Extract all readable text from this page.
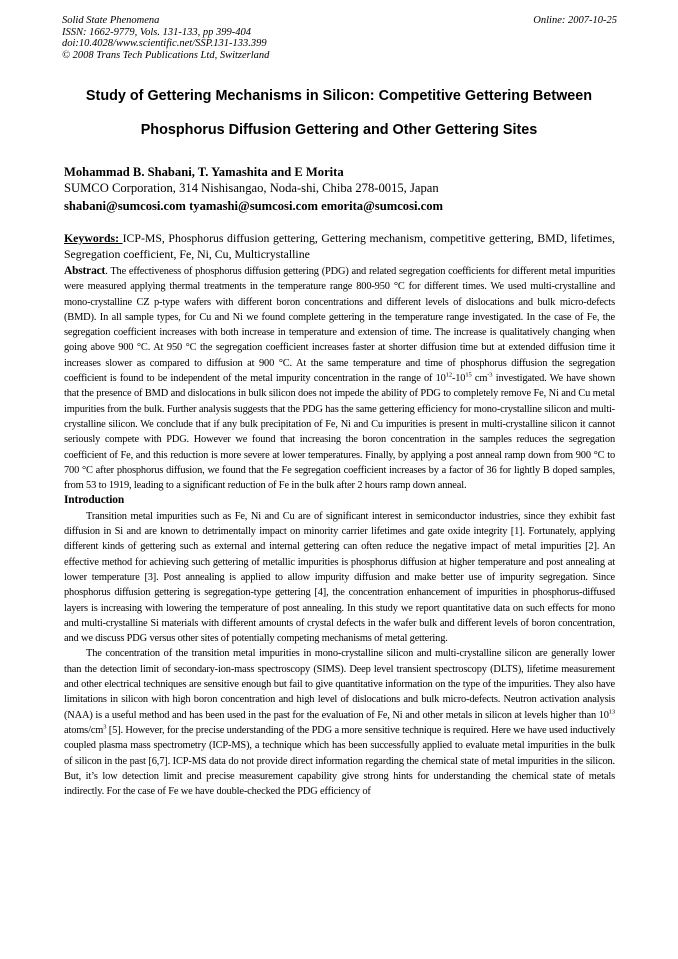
Solid State Phenomena
ISSN: 1662-9779, Vols. 131-133, pp 399-404
doi:10.4028/www.scientific.net/SSP.131-133.399
© 2008 Trans Tech Publications Ltd, Switzerland
Online: 2007-10-25
Study of Gettering Mechanisms in Silicon: Competitive Gettering Between
Phosphorus Diffusion Gettering and Other Gettering Sites
Mohammad B. Shabani, T. Yamashita and E Morita
SUMCO Corporation, 314 Nishisangao, Noda-shi, Chiba 278-0015, Japan
shabani@sumcosi.com tyamashi@sumcosi.com emorita@sumcosi.com
Keywords: ICP-MS, Phosphorus diffusion gettering, Gettering mechanism, competitive gettering, BMD, lifetimes, Segregation coefficient, Fe, Ni, Cu, Multicrystalline

Abstract. The effectiveness of phosphorus diffusion gettering (PDG) and related segregation coefficients for different metal impurities were measured applying thermal treatments in the temperature range 800-950 °C for different times. We used multi-crystalline and mono-crystalline CZ p-type wafers with different boron concentrations and different levels of dislocations and bulk micro-defects (BMD). In all sample types, for Cu and Ni we found complete gettering in the temperature range investigated. In the case of Fe, the segregation coefficient increases with both increase in temperature and extension of time. The increase is qualitatively changing when going above 900 °C. At 950 °C the segregation coefficient increases faster at shorter diffusion time but at extended diffusion time it increases slower as compared to diffusion at 900 °C. At the same temperature and time of phosphorus diffusion the segregation coefficient is found to be independent of the metal impurity concentration in the range of $10^{12}-10^{15}$ $cm^{-3}$ investigated. We have shown that the presence of BMD and dislocations in bulk silicon does not impede the ability of PDG to completely remove Fe, Ni and Cu metal impurities from the bulk. Further analysis suggests that the PDG has the same gettering efficiency for mono-crystalline silicon and multi-crystalline silicon. We conclude that if any bulk precipitation of Fe, Ni and Cu impurities is present in multi-crystalline silicon it cannot seriously compete with PDG. However we found that increasing the boron concentration in the samples reduces the segregation coefficient of Fe, and this reduction is more severe at lower temperatures. Finally, by applying a post anneal ramp down from 900 °C to 700 °C after phosphorus diffusion, we found that the Fe segregation coefficient increases by a factor of 36 for lightly B doped samples, from 53 to 1919, leading to a significant reduction of Fe in the bulk after 2 hours ramp down anneal.

Introduction

Transition metal impurities such as Fe, Ni and Cu are of significant interest in semiconductor industries, since they exhibit fast diffusion in Si and are known to detrimentally impact on minority carrier lifetimes and gate oxide integrity [1]. Fortunately, applying different kinds of gettering such as external and internal gettering can often reduce the negative impact of metal impurities [2]. An effective method for achieving such gettering of metallic impurities is phosphorus diffusion at higher temperature and post annealing at lower temperature [3]. Post annealing is applied to allow impurity diffusion and make better use of impurity segregation. Since phosphorus diffusion gettering is segregation-type gettering [4], the concentration enhancement of impurities in phosphorus-diffused layers is increasing with lowering the temperature of post annealing. In this study we report quantitative data on such effects for mono and multi-crystalline Si materials with different amounts of crystal defects in the wafer bulk and different levels of boron concentration, and we discuss PDG versus other sites of potentially competing mechanisms of metal gettering.

The concentration of the transition metal impurities in mono-crystalline silicon and multi-crystalline silicon are generally lower than the detection limit of secondary-ion-mass spectroscopy (SIMS). Deep level transient spectroscopy (DLTS), lifetime measurement and other electrical techniques are sensitive enough but fail to give quantitative information on the type of the impurities. They also have limitations in silicon with high boron concentration and high level of dislocations and bulk micro-defects. Neutron activation analysis (NAA) is a useful method and has been used in the past for the evaluation of Fe, Ni and other metals in silicon at levels higher than $10^{13}$ atoms/$cm^3$ [5]. However, for the precise understanding of the PDG a more sensitive technique is required. Here we have used inductively coupled plasma mass spectrometry (ICP-MS), a technique which has been successfully applied to evaluate metal impurities in the bulk of silicon in the past [6,7]. ICP-MS data do not provide direct information regarding the chemical state of metal impurities in the silicon. But, it’s low detection limit and precise measurement capability give strong hints for understanding the chemical state of metals indirectly. For the case of Fe we have double-checked the PDG efficiency of
